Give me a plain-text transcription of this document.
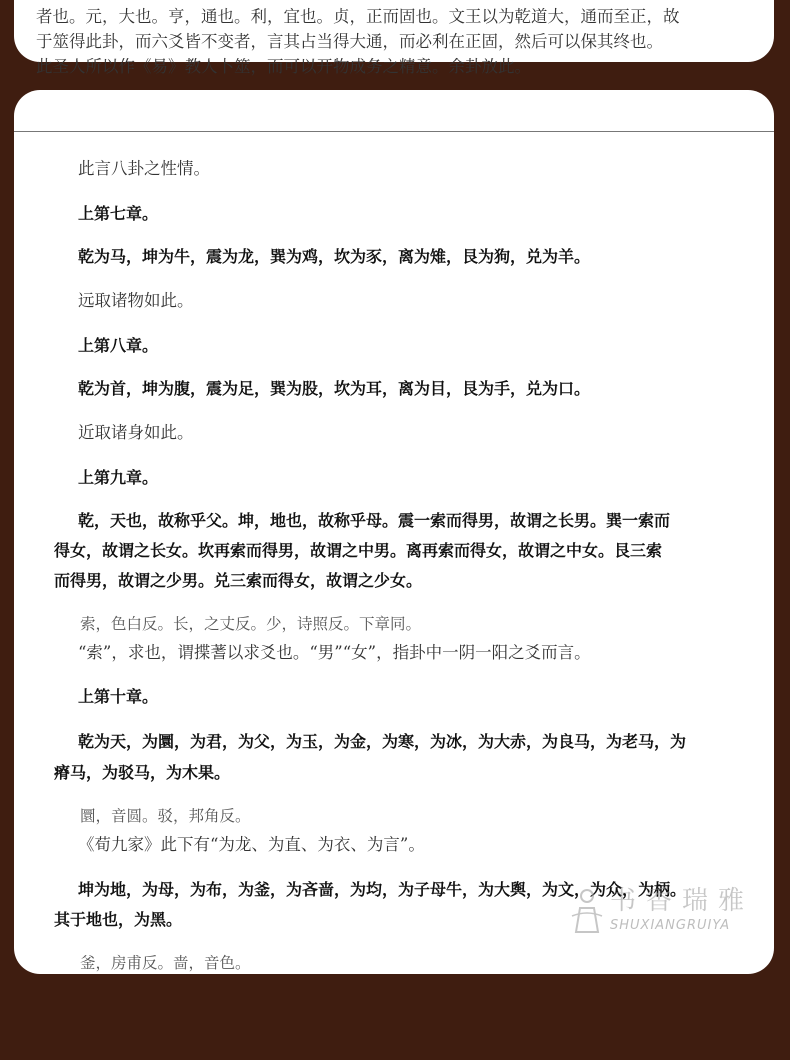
者也。元，大也。亨，通也。利，宜也。贞，正而固也。文王以为乾道大，通而至正，故

于筮得此卦，而六爻皆不变者，言其占当得大通，而必利在正固，然后可以保其终也。

此圣人所以作《易》教人卜筮，而可以开物成务之精意。余卦放此。

此言八卦之性情。

上第七章。

乾为马，坤为牛，震为龙，巽为鸡，坎为豕，离为雉，艮为狗，兑为羊。

远取诸物如此。

上第八章。

乾为首，坤为腹，震为足，巽为股，坎为耳，离为目，艮为手，兑为口。

近取诸身如此。

上第九章。

乾，天也，故称乎父。坤，地也，故称乎母。震一索而得男，故谓之长男。巽一索而

得女，故谓之长女。坎再索而得男，故谓之中男。离再索而得女，故谓之中女。艮三索

而得男，故谓之少男。兑三索而得女，故谓之少女。

索，色白反。长，之丈反。少，诗照反。下章同。

“索”，求也，谓揲蓍以求爻也。“男”“女”，指卦中一阴一阳之爻而言。

上第十章。

乾为天，为圜，为君，为父，为玉，为金，为寒，为冰，为大赤，为良马，为老马，为

瘠马，为驳马，为木果。

圜，音圆。驳，邦角反。

《荀九家》此下有“为龙、为直、为衣、为言”。

坤为地，为母，为布，为釜，为吝啬，为均，为子母牛，为大舆，为文，为众，为柄。

其于地也，为黑。

釜，房甫反。啬，音色。

书香瑞雅
SHUXIANGRUIYA
